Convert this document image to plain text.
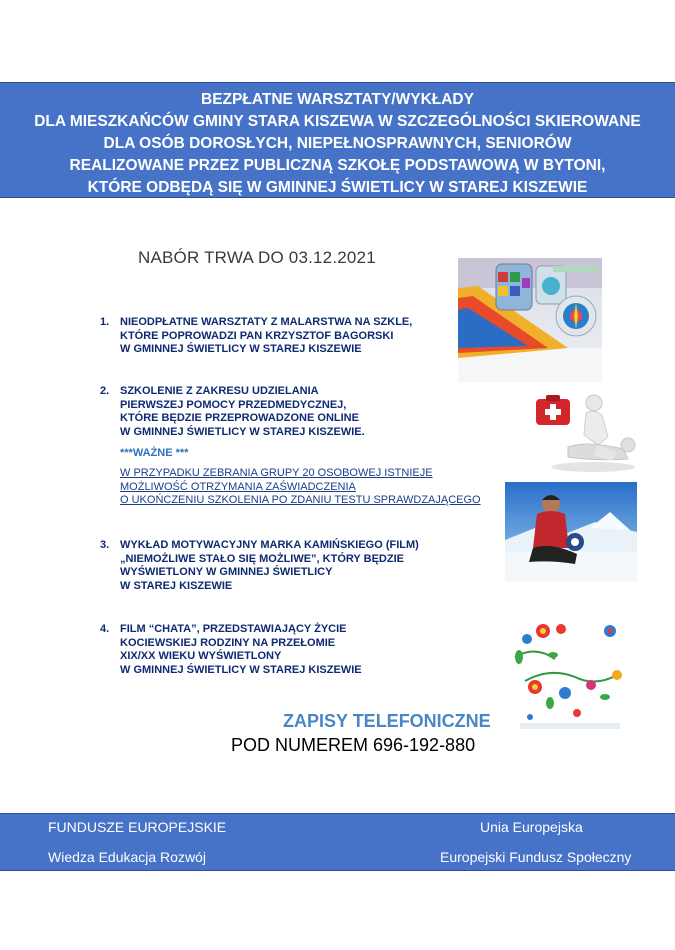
BEZPŁATNE WARSZTATY/WYKŁADY
DLA MIESZKAŃCÓW GMINY STARA KISZEWA W SZCZEGÓLNOŚCI SKIEROWANE
DLA OSÓB DOROSŁYCH, NIEPEŁNOSPRAWNYCH, SENIORÓW
REALIZOWANE PRZEZ PUBLICZNĄ SZKOŁĘ PODSTAWOWĄ W BYTONI,
KTÓRE ODBĘDĄ SIĘ W GMINNEJ ŚWIETLICY W STAREJ KISZEWIE
NABÓR TRWA DO 03.12.2021
1. NIEODPŁATNE WARSZTATY Z MALARSTWA NA SZKLE,
KTÓRE POPROWADZI PAN KRZYSZTOF BAGORSKI
W GMINNEJ ŚWIETLICY W STAREJ KISZEWIE
2. SZKOLENIE Z ZAKRESU UDZIELANIA
PIERWSZEJ POMOCY PRZEDMEDYCZNEJ,
KTÓRE BĘDZIE PRZEPROWADZONE ONLINE
W GMINNEJ ŚWIETLICY W STAREJ KISZEWIE.
***WAŻNE ***
W PRZYPADKU ZEBRANIA GRUPY 20 OSOBOWEJ ISTNIEJE
MOŻLIWOŚĆ OTRZYMANIA ZAŚWIADCZENIA
O UKOŃCZENIU SZKOLENIA PO ZDANIU TESTU SPRAWDZAJĄCEGO
3. WYKŁAD MOTYWACYJNY MARKA KAMIŃSKIEGO (FILM)
„NIEMOŻLIWE STAŁO SIĘ MOŻLIWE”, KTÓRY BĘDZIE
WYŚWIETLONY W GMINNEJ ŚWIETLICY
W STAREJ KISZEWIE
4. FILM “CHATA”, PRZEDSTAWIAJĄCY ŻYCIE
KOCIEWSKIEJ RODZINY NA PRZEŁOMIE
XIX/XX WIEKU WYŚWIETLONY
W GMINNEJ ŚWIETLICY W STAREJ KISZEWIE
ZAPISY TELEFONICZNE
POD NUMEREM 696-192-880
FUNDUSZE EUROPEJSKIE
Wiedza Edukacja Rozwój
Unia Europejska
Europejski Fundusz Społeczny
